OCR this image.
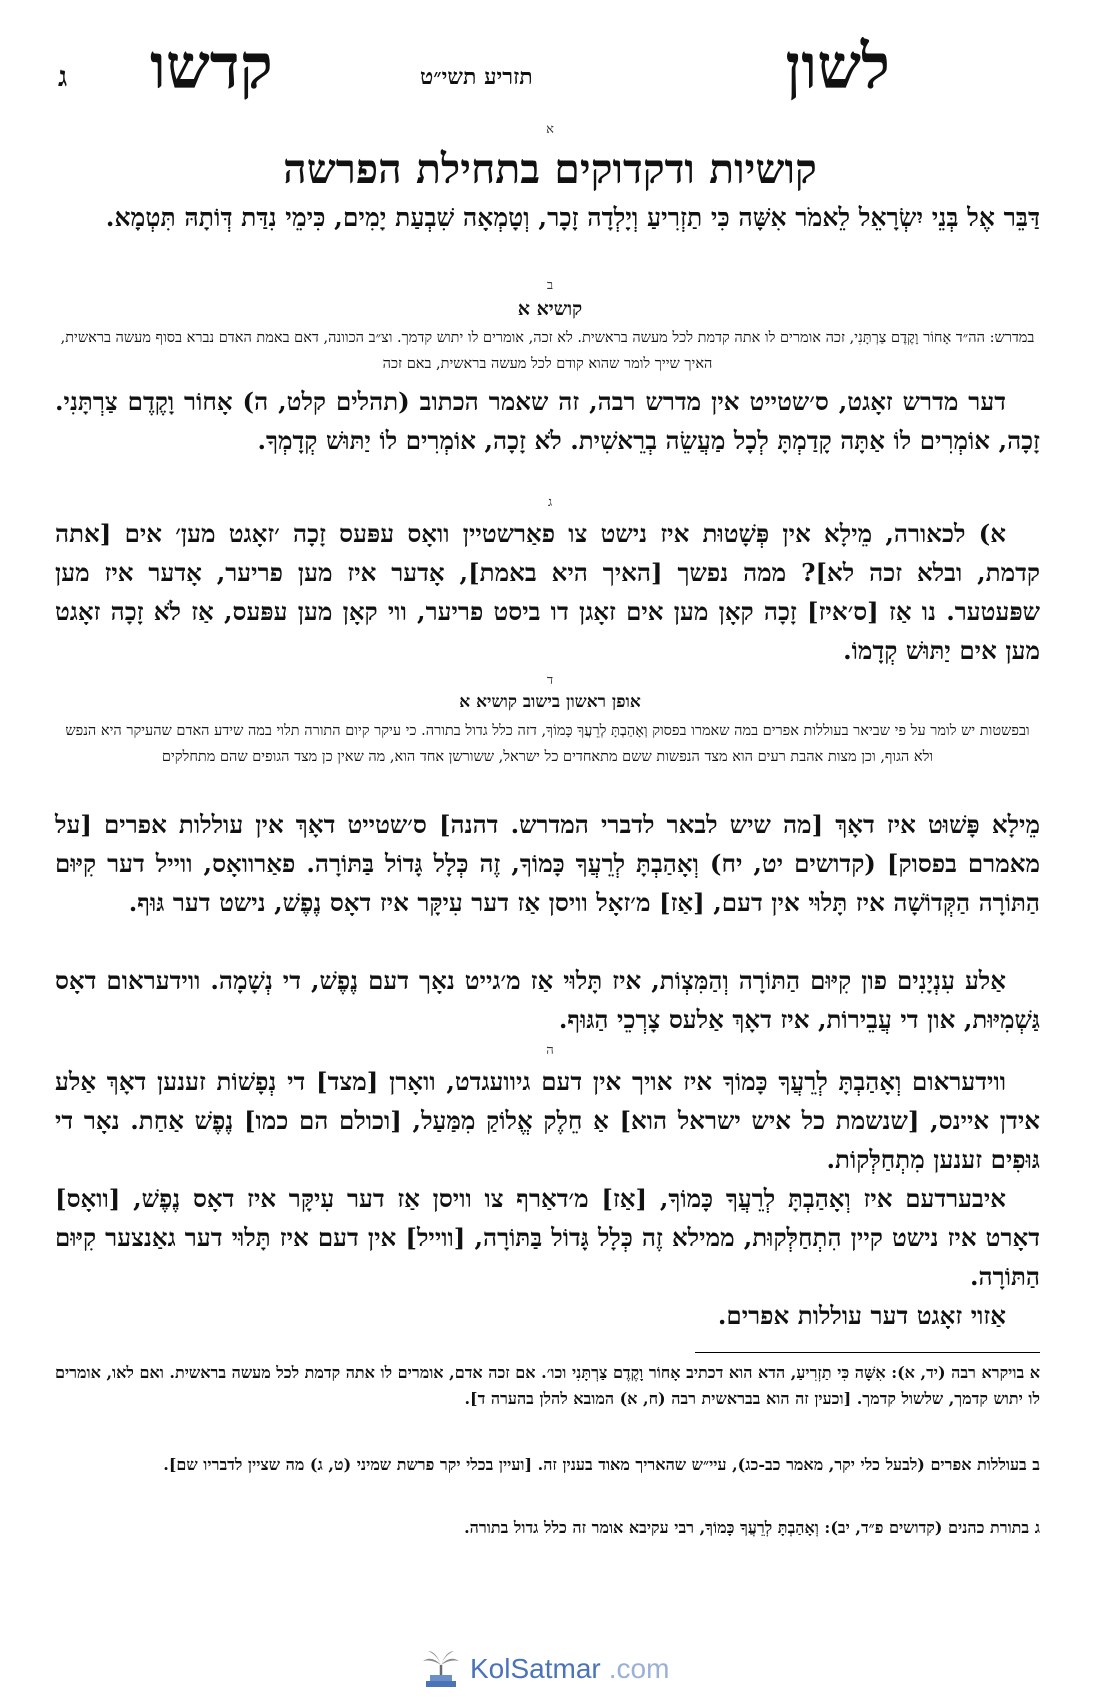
לשון
תזריע תשי״ט
קדשו
ג
א
קושיות ודקדוקים בתחילת הפרשה
דַּבֵּר אֶל בְּנֵי יִשְׂרָאֵל לֵאמֹר אִשָּׁה כִּי תַזְרִיעַ וְיָלְדָה זָכָר, וְטָמְאָה שִׁבְעַת יָמִים, כִּימֵי נִדַּת דְּוֹתָהּ תִּטְמָא.
ב
קושיא א
במדרש: הה״ד אָחוֹר וָקֶדֶם צַרְתָּנִי, זכה אומרים לו אתה קדמת לכל מעשה בראשית. לא זכה, אומרים לו יתוש קדמך. וצ״ב הכוונה, דאם באמת האדם נברא בסוף מעשה בראשית, האיך שייך לומר שהוא קודם לכל מעשה בראשית, באם זכה
דער מדרש זאָגט, ס׳שטייט אין מדרש רבה, זה שאמר הכתוב (תהלים קלט, ה) אָחוֹר וָקֶדֶם צַרְתָּנִי. זָכָה, אוֹמְרִים לוֹ אַתָּה קָדַמְתָּ לְכָל מַעֲשֵׂה בְרֵאשִׁית. לֹא זָכָה, אוֹמְרִים לוֹ יַתּוּשׁ קְדָמְךָ.
ג
א) לכאורה, מֵילָא אין פְּשָׁטוּת איז נישט צו פאַרשטיין וואָס עפּעס זָכָה ׳זאָגט מען׳ אים [אתה קדמת, ובלא זכה לא]? ממה נפשך [האיך היא באמת], אָדער איז מען פריער, אָדער איז מען שפּעטער. נו אַז [ס׳איז] זָכָה קאָן מען אים זאָגן דו ביסט פריער, ווי קאָן מען עפּעס, אַז לֹא זָכָה זאָגט מען אים יַתּוּשׁ קְדָמוֹ.
ד
אופן ראשון בישוב קושיא א
ובפשטות יש לומר על פי שביאר בעוללות אפרים במה שאמרו בפסוק וְאָהַבְתָּ לְרֵעֲךָ כָּמוֹךָ, דזה כלל גדול בתורה. כי עיקר קיום התורה תלוי במה שידע האדם שהעיקר היא הנפש ולא הגוף, וכן מצות אהבת רעים הוא מצד הנפשות ששם מתאחדים כל ישראל, ששורשן אחד הוא, מה שאין כן מצד הגופים שהם מתחלקים
מֵילָא פָּשׁוּט איז דאָךְ [מה שיש לבאר לדברי המדרש. דהנה] ס׳שטייט דאָךְ אין עוללות אפרים [על מאמרם בפסוק] (קדושים יט, יח) וְאָהַבְתָּ לְרֵעֲךָ כָּמוֹךָ, זֶה כְּלָל גָּדוֹל בַּתּוֹרָה. פאַרוואָס, ווייל דער קִיּוּם הַתּוֹרָה הַקְּדוֹשָׁה איז תָּלוּי אין דעם, [אַז] מ׳זאָל וויסן אַז דער עִיקָּר איז דאָס נֶפֶשׁ, נישט דער גּוּף.
אַלע עִנְיָנִים פון קִיּוּם הַתּוֹרָה וְהַמִּצְוֹת, איז תָּלוּי אַז מ׳גייט נאָך דעם נֶפֶשׁ, די נְשָׁמָה. ווידעראום דאָס גַּשְׁמִיּוּת, און די עֲבֵירוֹת, איז דאָךְ אַלעס צָרְכֵי הַגּוּף.
ה
ווידעראום וְאָהַבְתָּ לְרֵעֲךָ כָּמוֹךָ איז אויך אין דעם גיוועגדט, וואָרן [מצד] די נְפָשׁוֹת זענען דאָךְ אַלע אידן איינס, [שנשמת כל איש ישראל הוא] אַ חֵלֶק אֱלוֹקַ מִמַּעַל, [וכולם הם כמו] נֶפֶשׁ אַחַת. נאָר די גּוּפִים זענען מִתְחַלְּקוֹת.
איבערדעם איז וְאָהַבְתָּ לְרֵעֲךָ כָּמוֹךָ, [אַז] מ׳דאַרף צו וויסן אַז דער עִיקָּר איז דאָס נֶפֶשׁ, [וואָס] דאָרט איז נישט קיין הִתְחַלְּקוּת, ממילא זֶה כְּלָל גָּדוֹל בַּתּוֹרָה, [ווייל] אין דעם איז תָּלוּי דער גאַנצער קִיּוּם הַתּוֹרָה.
אַזוי זאָגט דער עוללות אפרים.
א בויקרא רבה (יד, א): אִשָּׁה כִּי תַזְרִיעַ, הדא הוא דכתיב אָחוֹר וָקֶדֶם צַרְתָּנִי וכו׳. אם זכה אדם, אומרים לו אתה קדמת לכל מעשה בראשית. ואם לאו, אומרים לו יתוש קדמך, שלשול קדמך. [וכעין זה הוא בבראשית רבה (ח, א) המובא להלן בהערה ד].
ב בעוללות אפרים (לבעל כלי יקר, מאמר כב-כג), עיי״ש שהאריך מאוד בענין זה. [ועיין בכלי יקר פרשת שמיני (ט, ג) מה שציין לדבריו שם].
ג בתורת כהנים (קדושים פ״ד, יב): וְאָהַבְתָּ לְרֵעֲךָ כָּמוֹךָ, רבי עקיבא אומר זה כלל גדול בתורה.
KolSatmar .com
